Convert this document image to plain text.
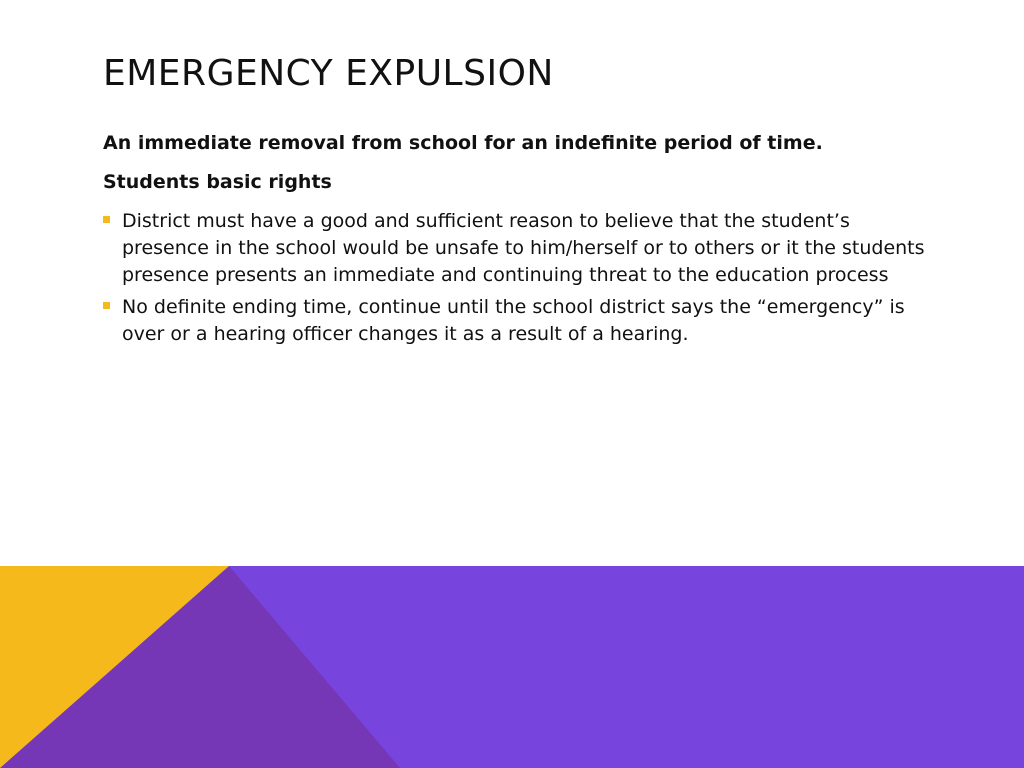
EMERGENCY EXPULSION

An immediate removal from school for an indefinite period of time.

Students basic rights

District must have a good and sufficient reason to believe that the student’s presence in the school would be unsafe to him/herself or to others or it the students presence presents an immediate and continuing threat to the education process
No definite ending time, continue until the school district says the “emergency” is over or a hearing officer changes it as a result of a hearing.
